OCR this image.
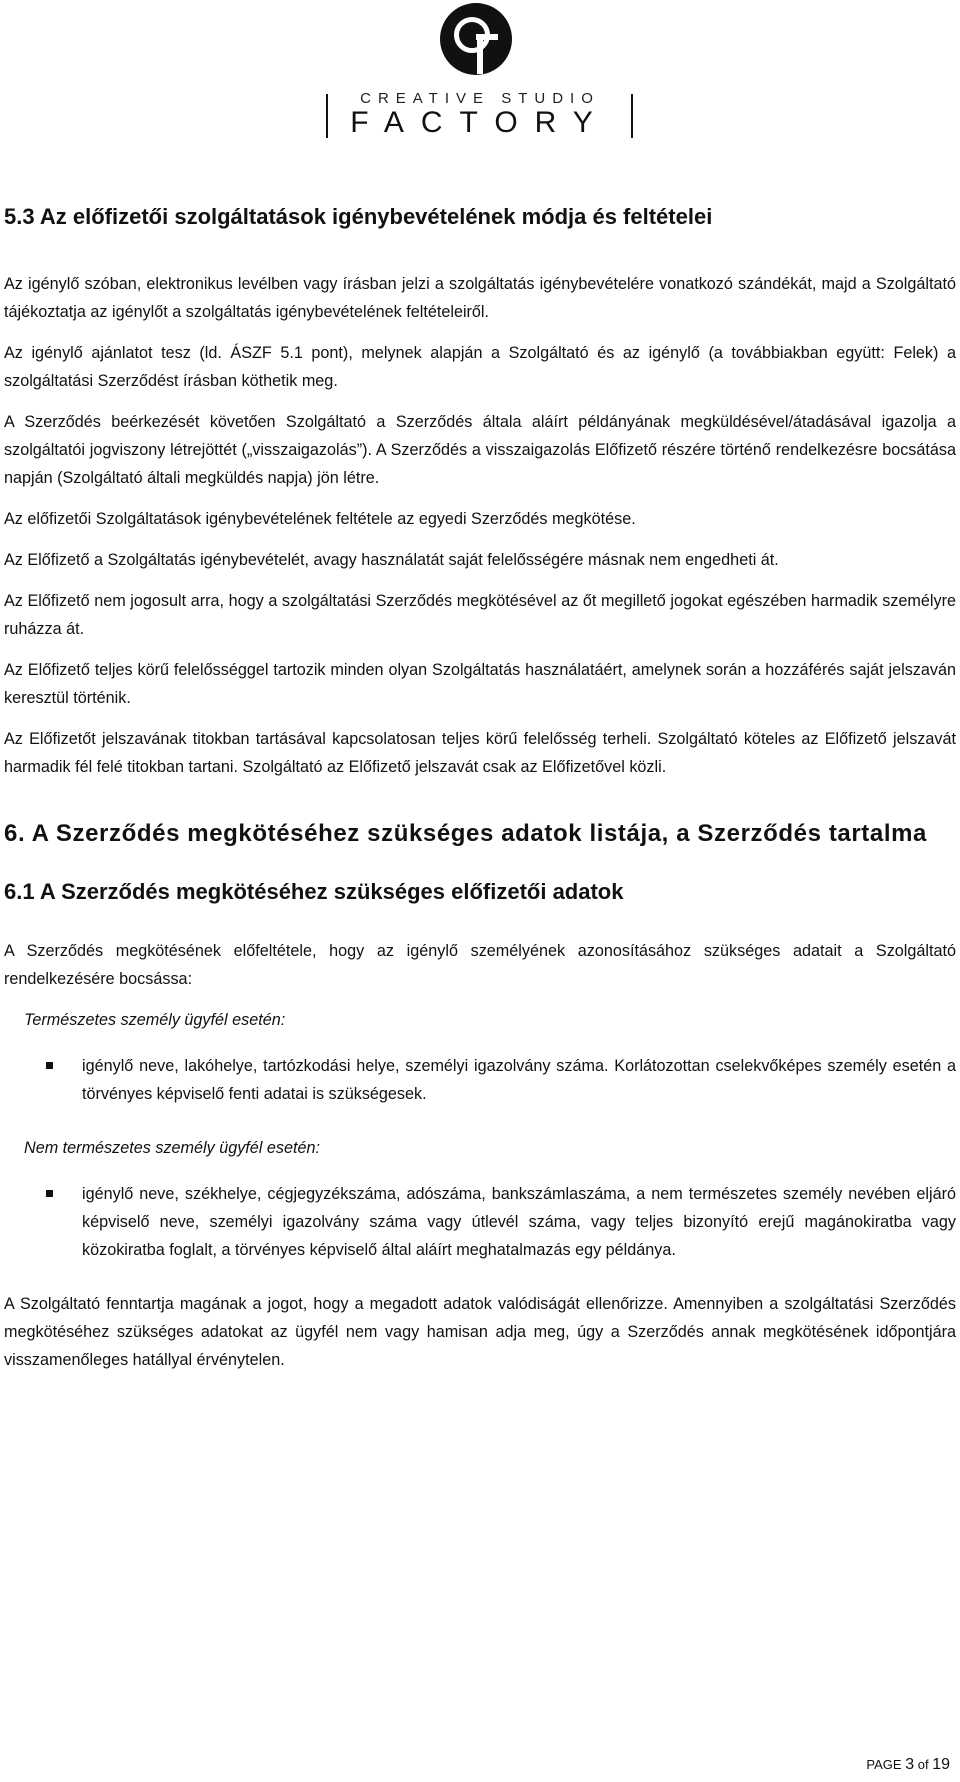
CREATIVE STUDIO
FACTORY
5.3 Az előfizetői szolgáltatások igénybevételének módja és feltételei

Az igénylő szóban, elektronikus levélben vagy írásban jelzi a szolgáltatás igénybevételére vonatkozó szándékát, majd a Szolgáltató tájékoztatja az igénylőt a szolgáltatás igénybevételének feltételeiről.

Az igénylő ajánlatot tesz (ld. ÁSZF 5.1 pont), melynek alapján a Szolgáltató és az igénylő (a továbbiakban együtt: Felek) a szolgáltatási Szerződést írásban köthetik meg.

A Szerződés beérkezését követően Szolgáltató a Szerződés általa aláírt példányának megküldésével/átadásával igazolja a szolgáltatói jogviszony létrejöttét („visszaigazolás”). A Szerződés a visszaigazolás Előfizető részére történő rendelkezésre bocsátása napján (Szolgáltató általi megküldés napja) jön létre.

Az előfizetői Szolgáltatások igénybevételének feltétele az egyedi Szerződés megkötése.

Az Előfizető a Szolgáltatás igénybevételét, avagy használatát saját felelősségére másnak nem engedheti át.

Az Előfizető nem jogosult arra, hogy a szolgáltatási Szerződés megkötésével az őt megillető jogokat egészében harmadik személyre ruházza át.

Az Előfizető teljes körű felelősséggel tartozik minden olyan Szolgáltatás használatáért, amelynek során a hozzáférés saját jelszaván keresztül történik.

Az Előfizetőt jelszavának titokban tartásával kapcsolatosan teljes körű felelősség terheli. Szolgáltató köteles az Előfizető jelszavát harmadik fél felé titokban tartani. Szolgáltató az Előfizető jelszavát csak az Előfizetővel közli.

6. A Szerződés megkötéséhez szükséges adatok listája, a Szerződés tartalma
6.1 A Szerződés megkötéséhez szükséges előfizetői adatok

A Szerződés megkötésének előfeltétele, hogy az igénylő személyének azonosításához szükséges adatait a Szolgáltató rendelkezésére bocsássa:

Természetes személy ügyfél esetén:

igénylő neve, lakóhelye, tartózkodási helye, személyi igazolvány száma. Korlátozottan cselekvőképes személy esetén a törvényes képviselő fenti adatai is szükségesek.

Nem természetes személy ügyfél esetén:

igénylő neve, székhelye, cégjegyzékszáma, adószáma, bankszámlaszáma, a nem természetes személy nevében eljáró képviselő neve, személyi igazolvány száma vagy útlevél száma, vagy teljes bizonyító erejű magánokiratba vagy közokiratba foglalt, a törvényes képviselő által aláírt meghatalmazás egy példánya.

A Szolgáltató fenntartja magának a jogot, hogy a megadott adatok valódiságát ellenőrizze. Amennyiben a szolgáltatási Szerződés megkötéséhez szükséges adatokat az ügyfél nem vagy hamisan adja meg, úgy a Szerződés annak megkötésének időpontjára visszamenőleges hatállyal érvénytelen.

PAGE 3 of 19
